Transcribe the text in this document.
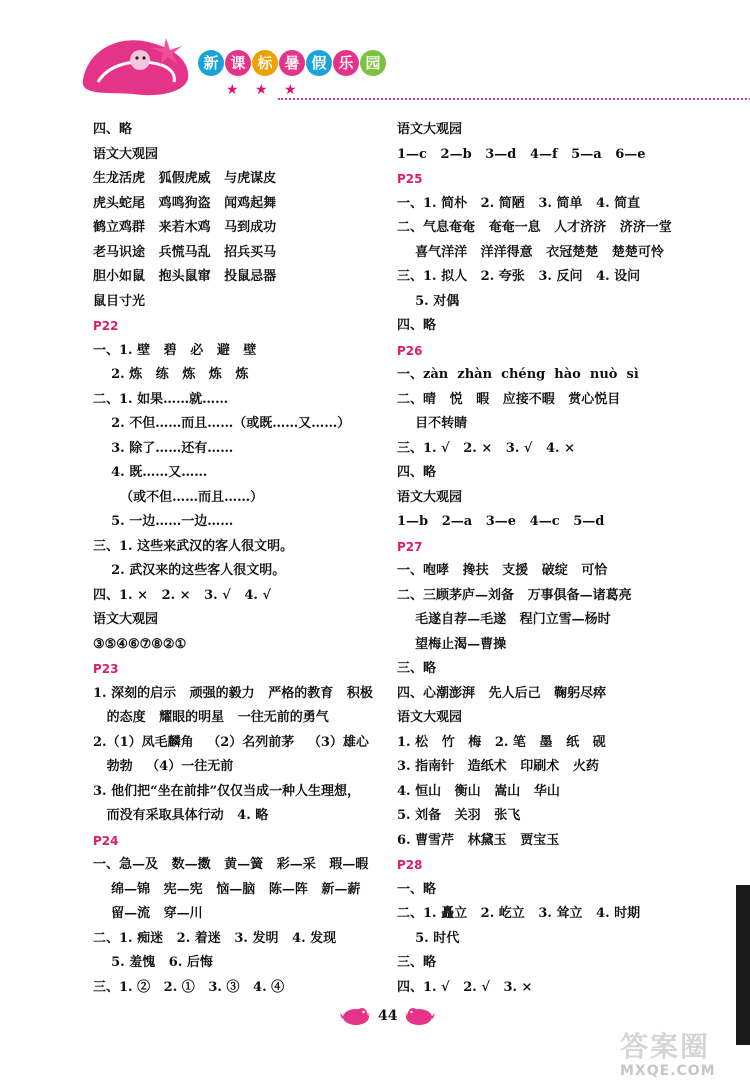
新 课 标 暑 假 乐 园
★ ★ ★
四、略
语文大观园
生龙活虎   狐假虎威   与虎谋皮
虎头蛇尾   鸡鸣狗盗   闻鸡起舞
鹤立鸡群   来若木鸡   马到成功
老马识途   兵慌马乱   招兵买马
胆小如鼠   抱头鼠窜   投鼠忌器
鼠目寸光
P22
一、1. 壁   碧   必   避   壁
2. 炼   练   炼   炼   炼
二、1. 如果……就……
2. 不但……而且……（或既……又……）
3. 除了……还有……
4. 既……又……
（或不但……而且……）
5. 一边……一边……
三、1. 这些来武汉的客人很文明。
2. 武汉来的这些客人很文明。
四、1. ×   2. ×   3. √   4. √
语文大观园
③⑤④⑥⑦⑧②①
P23
1. 深刻的启示   顽强的毅力   严格的教育   积极
的态度   耀眼的明星   一往无前的勇气
2.（1）凤毛麟角   （2）名列前茅   （3）雄心
勃勃   （4）一往无前
3. 他们把“坐在前排”仅仅当成一种人生理想，
而没有采取具体行动   4. 略
P24
一、急—及   数—擞   黄—簧   彩—采   瑕—暇
绵—锦   宪—宪   恼—脑   陈—阵   新—薪
留—流   穿—川
二、1. 痴迷   2. 着迷   3. 发明   4. 发现
5. 羞愧   6. 后悔
三、1. ②   2. ①   3. ③   4. ④
语文大观园
1—c   2—b   3—d   4—f   5—a   6—e
P25
一、1. 简朴   2. 简陋   3. 简单   4. 简直
二、气息奄奄   奄奄一息   人才济济   济济一堂
喜气洋洋   洋洋得意   衣冠楚楚   楚楚可怜
三、1. 拟人   2. 夸张   3. 反问   4. 设问
5. 对偶
四、略
P26
一、zàn  zhàn  chéng  hào  nuò  sì
二、晴   悦   暇   应接不暇   赏心悦目
目不转睛
三、1. √   2. ×   3. √   4. ×
四、略
语文大观园
1—b   2—a   3—e   4—c   5—d
P27
一、咆哮   搀扶   支援   破绽   可恰
二、三顾茅庐—刘备   万事俱备—诸葛亮
毛遂自荐—毛遂   程门立雪—杨时
望梅止渴—曹操
三、略
四、心潮澎湃   先人后己   鞠躬尽瘁
语文大观园
1. 松   竹   梅   2. 笔   墨   纸   砚
3. 指南针   造纸术   印刷术   火药
4. 恒山   衡山   嵩山   华山
5. 刘备   关羽   张飞
6. 曹雪芹   林黛玉   贾宝玉
P28
一、略
二、1. 矗立   2. 屹立   3. 耸立   4. 时期
5. 时代
三、略
四、1. √   2. √   3. ×
44
答案圈
MXQE.COM
